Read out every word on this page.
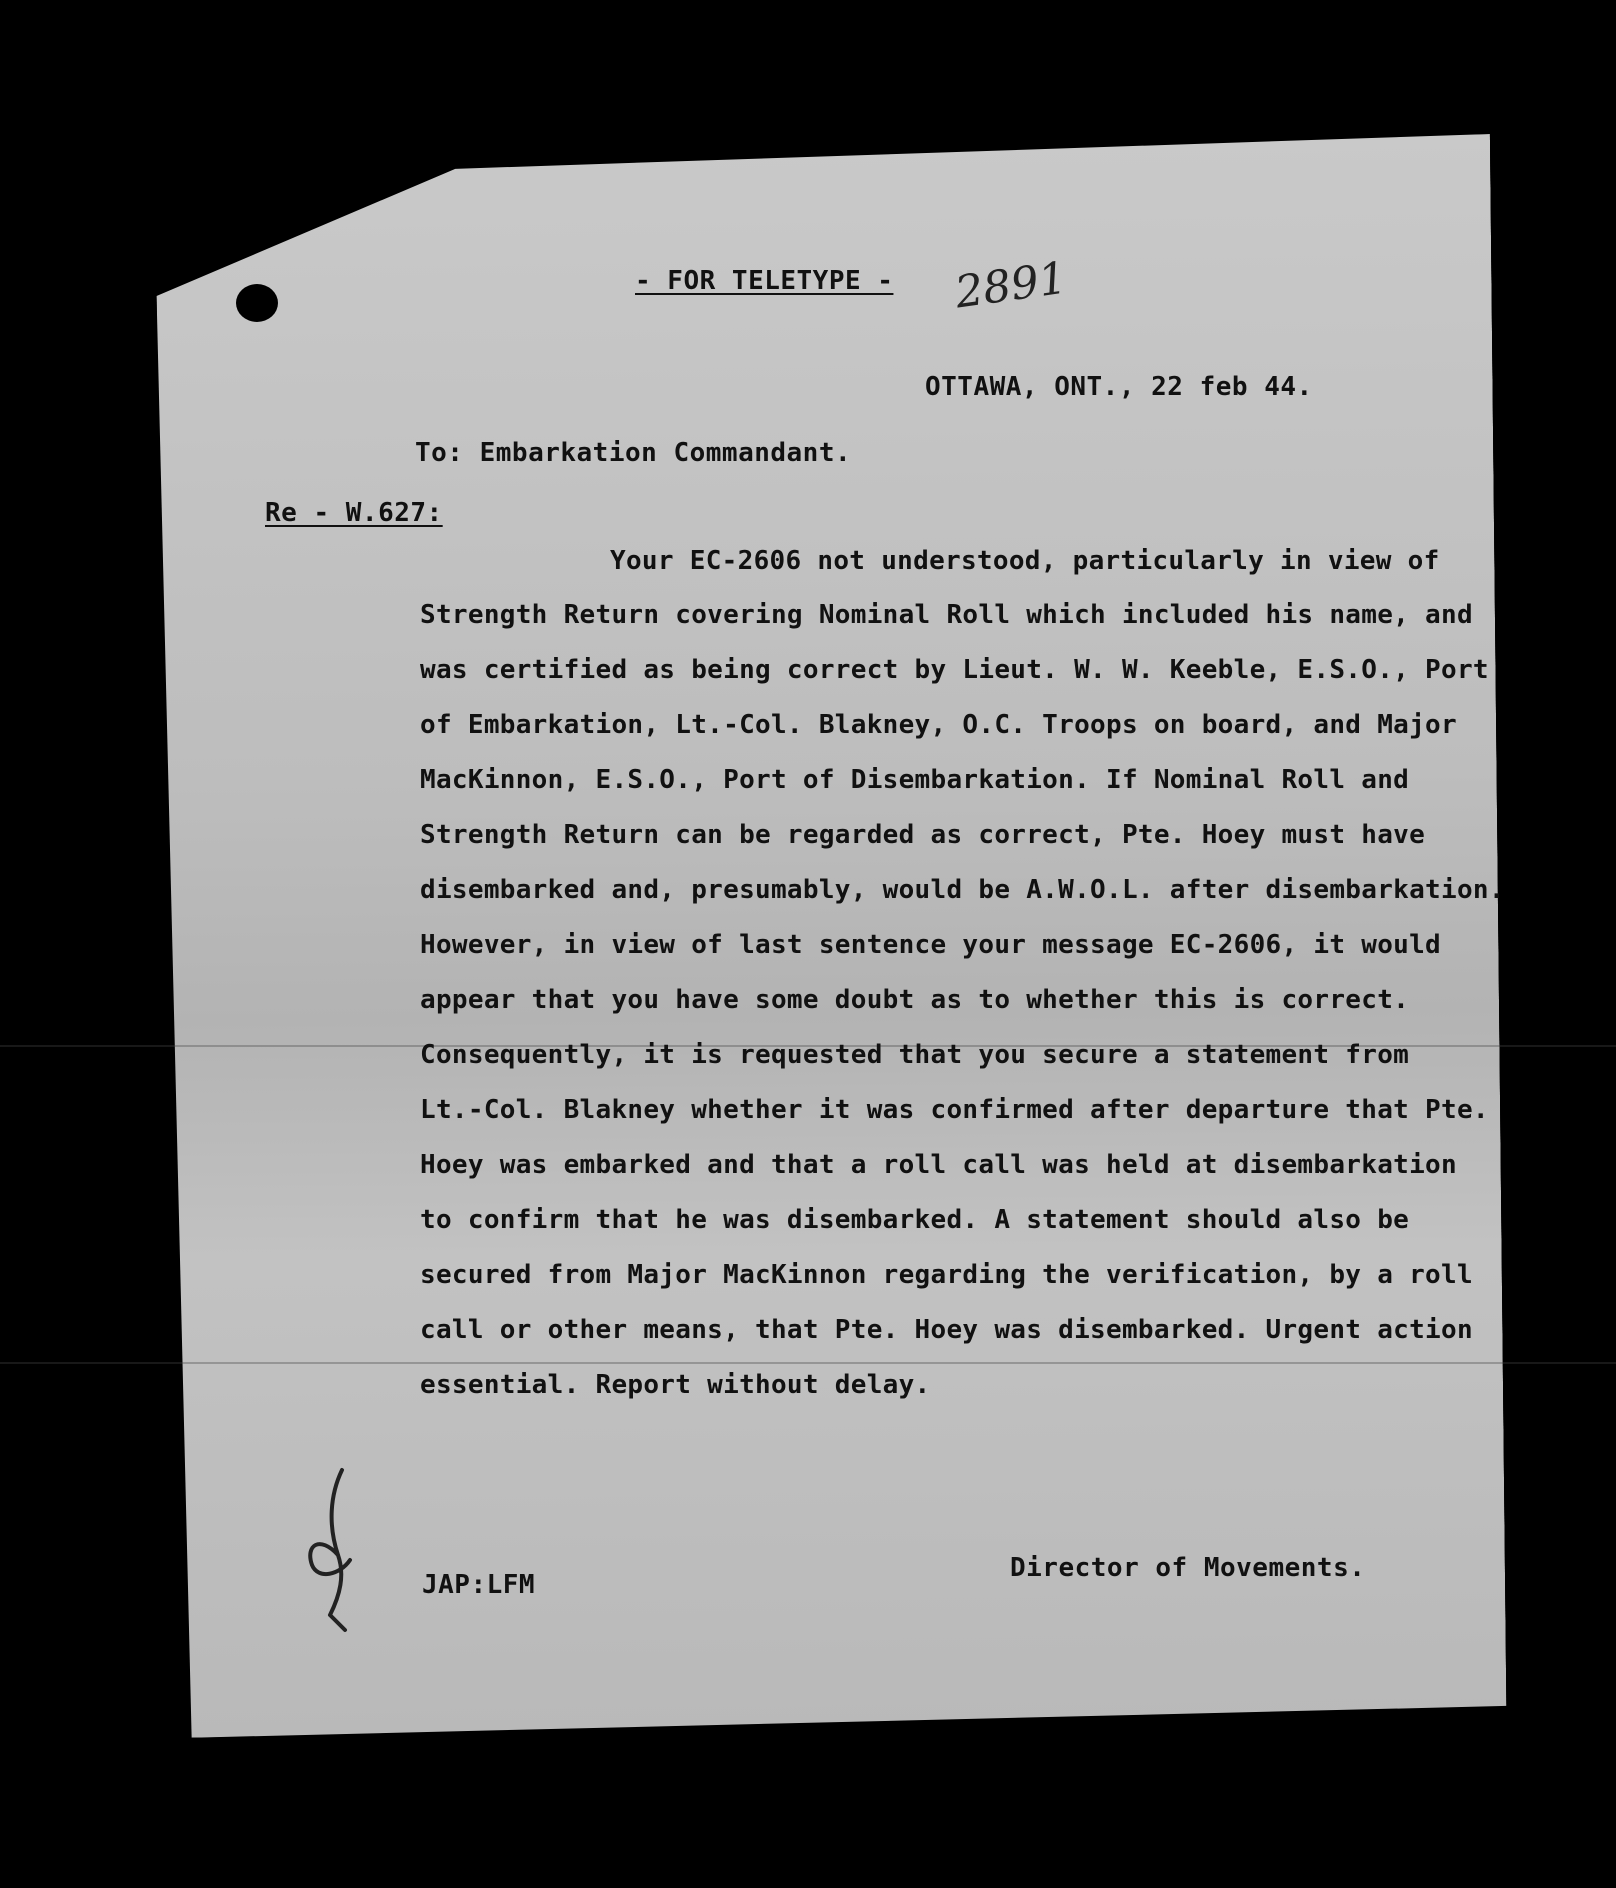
- FOR TELETYPE - 2891
OTTAWA, ONT., 22 feb 44.
To: Embarkation Commandant.
Re - W.627:
Your EC-2606 not understood, particularly in view of
Strength Return covering Nominal Roll which included his name, and
was certified as being correct by Lieut. W. W. Keeble, E.S.O., Port
of Embarkation, Lt.-Col. Blakney, O.C. Troops on board, and Major
MacKinnon, E.S.O., Port of Disembarkation. If Nominal Roll and
Strength Return can be regarded as correct, Pte. Hoey must have
disembarked and, presumably, would be A.W.O.L. after disembarkation.
However, in view of last sentence your message EC-2606, it would
appear that you have some doubt as to whether this is correct.
Consequently, it is requested that you secure a statement from
Lt.-Col. Blakney whether it was confirmed after departure that Pte.
Hoey was embarked and that a roll call was held at disembarkation
to confirm that he was disembarked. A statement should also be
secured from Major MacKinnon regarding the verification, by a roll
call or other means, that Pte. Hoey was disembarked. Urgent action
essential. Report without delay.
JAP:LFM
Director of Movements.
